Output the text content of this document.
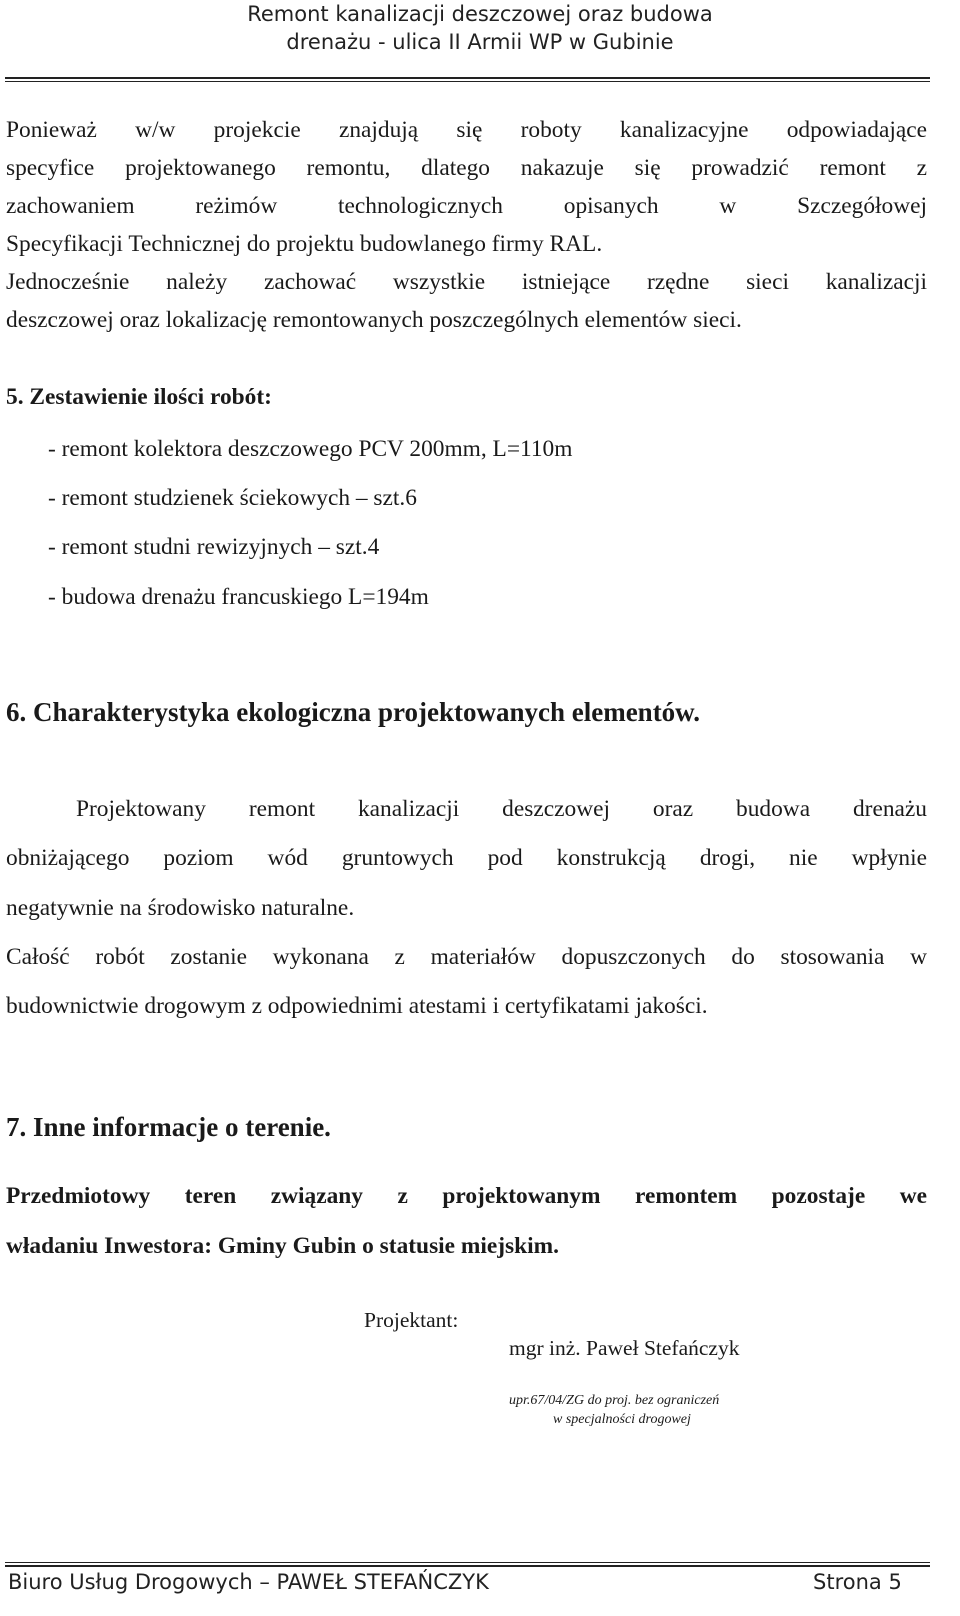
Remont kanalizacji deszczowej oraz budowa
drenażu - ulica II Armii WP w Gubinie
Ponieważ w/w projekcie znajdują się roboty kanalizacyjne odpowiadające
specyfice projektowanego remontu, dlatego nakazuje się prowadzić remont z
zachowaniem reżimów technologicznych opisanych w Szczegółowej
Specyfikacji Technicznej do projektu budowlanego firmy RAL.
Jednocześnie należy zachować wszystkie istniejące rzędne sieci kanalizacji
deszczowej oraz lokalizację remontowanych poszczególnych elementów sieci.
5. Zestawienie ilości robót:
- remont kolektora deszczowego PCV 200mm, L=110m
- remont studzienek ściekowych – szt.6
- remont studni rewizyjnych – szt.4
- budowa drenażu francuskiego L=194m
6. Charakterystyka ekologiczna projektowanych elementów.
Projektowany remont kanalizacji deszczowej oraz budowa drenażu
obniżającego poziom wód gruntowych pod konstrukcją drogi, nie wpłynie
negatywnie na środowisko naturalne.
Całość robót zostanie wykonana z materiałów dopuszczonych do stosowania w
budownictwie drogowym z odpowiednimi atestami i certyfikatami jakości.
7. Inne informacje o terenie.
Przedmiotowy teren związany z projektowanym remontem pozostaje we
władaniu Inwestora: Gminy Gubin o statusie miejskim.
Projektant:
mgr inż. Paweł Stefańczyk
upr.67/04/ZG do proj. bez ograniczeń
w specjalności drogowej
Biuro Usług Drogowych – PAWEŁ STEFAŃCZYK	Strona 5
